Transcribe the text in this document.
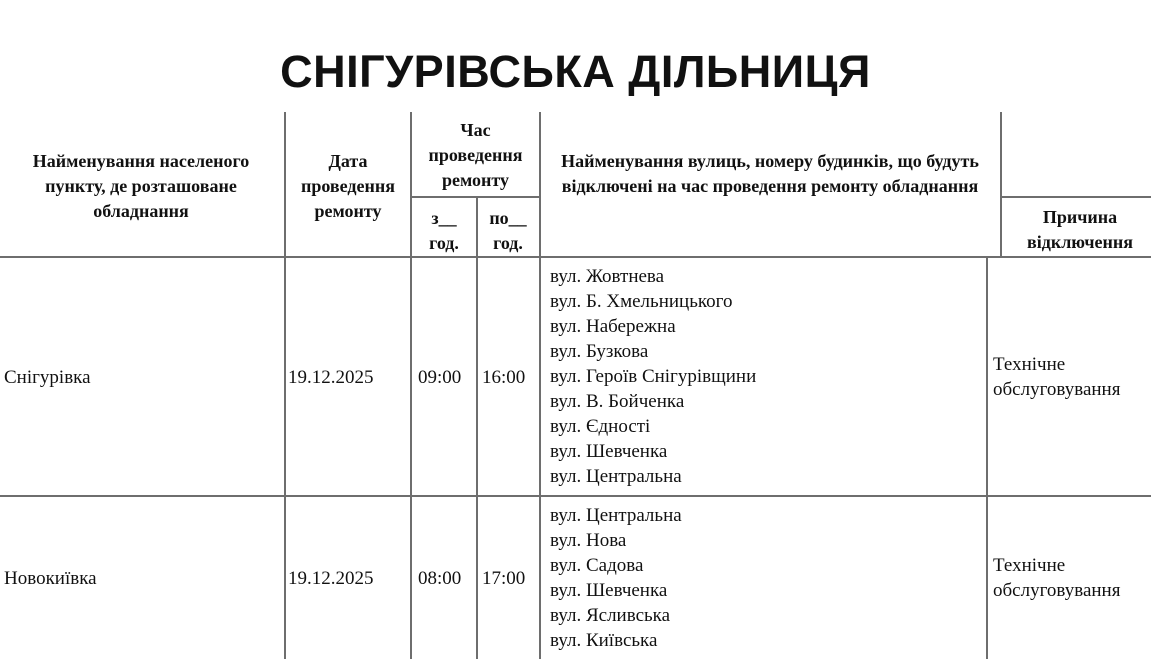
СНІГУРІВСЬКА ДІЛЬНИЦЯ
Найменування населеного пункту, де розташоване обладнання
Дата проведення ремонту
Час проведення ремонту
з__ год.
по__ год.
Найменування вулиць, номеру будинків, що будуть відключені на час проведення ремонту обладнання
Причина відключення
Снігурівка	19.12.2025 09:00 16:00
вул. Жовтнева
вул. Б. Хмельницького
вул. Набережна
вул. Бузкова
вул. Героїв Снігурівщини
вул. В. Бойченка
вул. Єдності
вул. Шевченка
вул. Центральна
Технічне обслуговування
Новокиївка	19.12.2025 08:00 17:00
вул. Центральна
вул. Нова
вул. Садова
вул. Шевченка
вул. Ясливська
вул. Київська
Технічне обслуговування
